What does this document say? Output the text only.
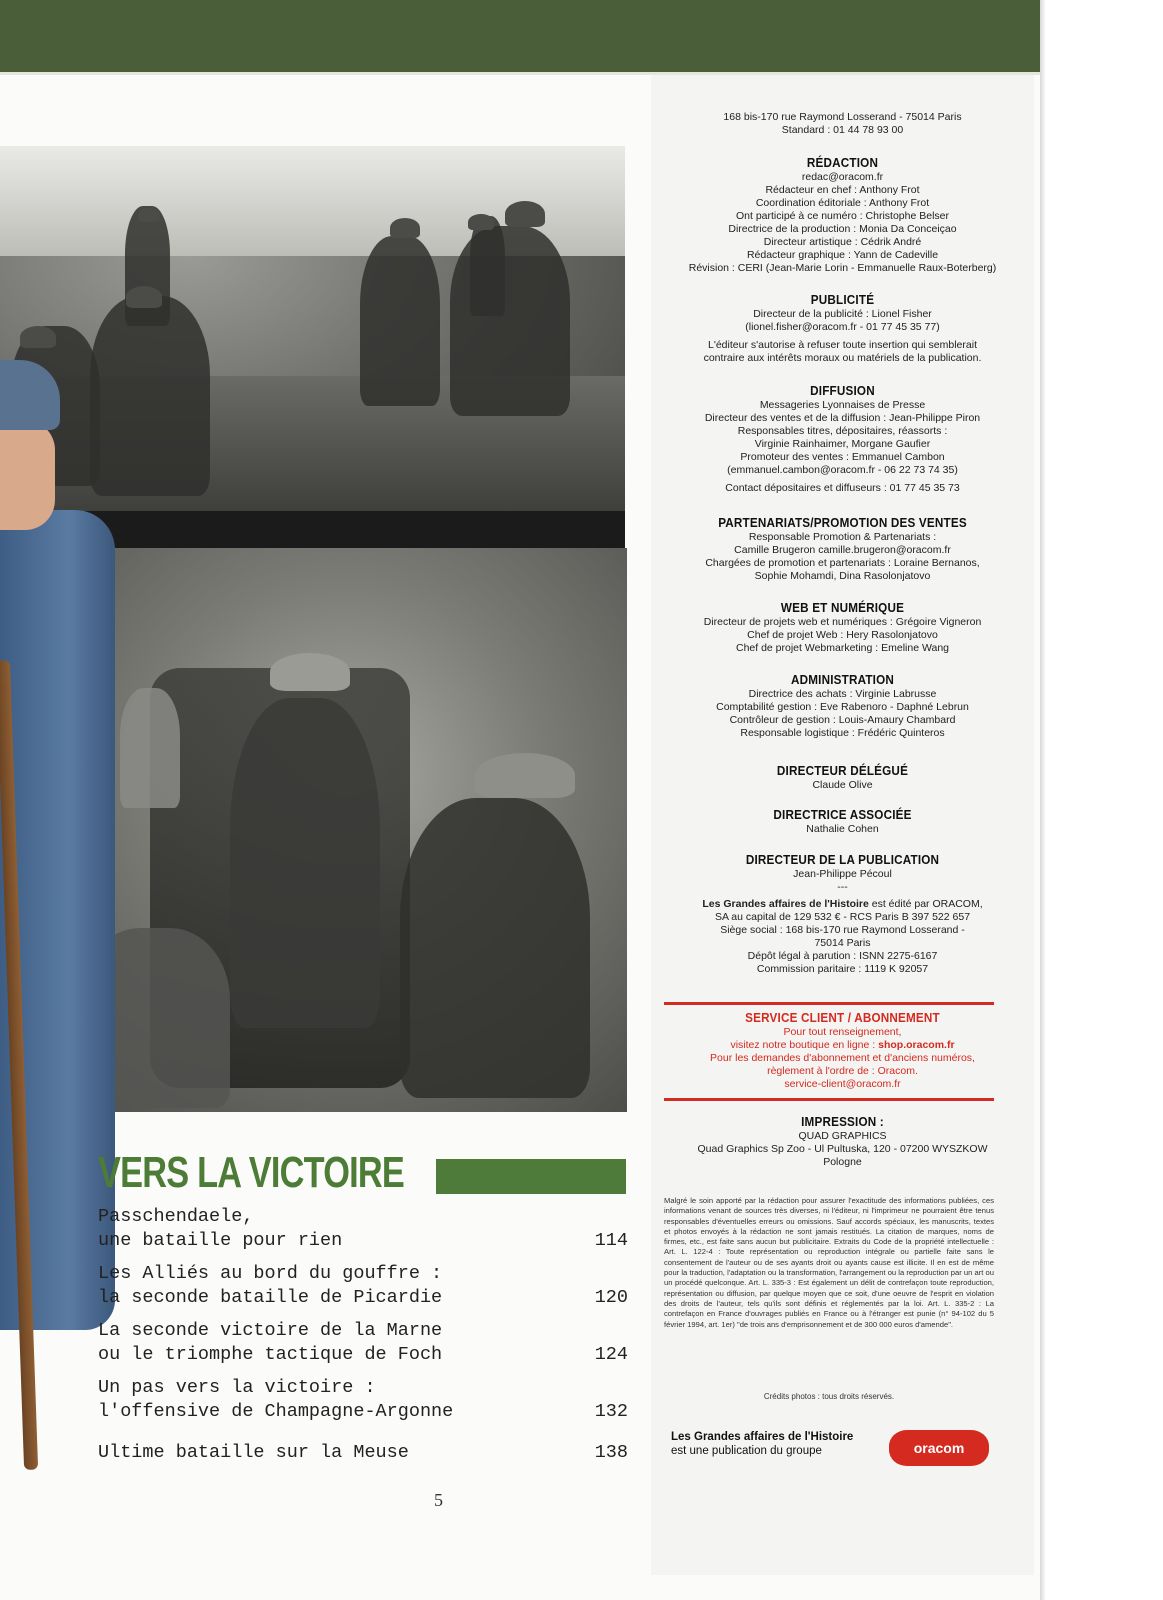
168 bis-170 rue Raymond Losserand - 75014 Paris
Standard : 01 44 78 93 00
RÉDACTION
redac@oracom.fr
Rédacteur en chef : Anthony Frot
Coordination éditoriale : Anthony Frot
Ont participé à ce numéro : Christophe Belser
Directrice de la production : Monia Da Conceiçao
Directeur artistique : Cédrik André
Rédacteur graphique : Yann de Cadeville
Révision : CERI (Jean-Marie Lorin - Emmanuelle Raux-Boterberg)
PUBLICITÉ
Directeur de la publicité : Lionel Fisher
(lionel.fisher@oracom.fr - 01 77 45 35 77)
L'éditeur s'autorise à refuser toute insertion qui semblerait
contraire aux intérêts moraux ou matériels de la publication.
DIFFUSION
Messageries Lyonnaises de Presse
Directeur des ventes et de la diffusion : Jean-Philippe Piron
Responsables titres, dépositaires, réassorts :
Virginie Rainhaimer, Morgane Gaufier
Promoteur des ventes : Emmanuel Cambon
(emmanuel.cambon@oracom.fr - 06 22 73 74 35)
Contact dépositaires et diffuseurs : 01 77 45 35 73
PARTENARIATS/PROMOTION DES VENTES
Responsable Promotion & Partenariats :
Camille Brugeron camille.brugeron@oracom.fr
Chargées de promotion et partenariats : Loraine Bernanos,
Sophie Mohamdi, Dina Rasolonjatovo
WEB ET NUMÉRIQUE
Directeur de projets web et numériques : Grégoire Vigneron
Chef de projet Web : Hery Rasolonjatovo
Chef de projet Webmarketing : Emeline Wang
ADMINISTRATION
Directrice des achats : Virginie Labrusse
Comptabilité gestion : Eve Rabenoro - Daphné Lebrun
Contrôleur de gestion : Louis-Amaury Chambard
Responsable logistique : Frédéric Quinteros
DIRECTEUR DÉLÉGUÉ
Claude Olive
DIRECTRICE ASSOCIÉE
Nathalie Cohen
DIRECTEUR DE LA PUBLICATION
Jean-Philippe Pécoul
---
Les Grandes affaires de l'Histoire est édité par ORACOM,
SA au capital de 129 532 € - RCS Paris B 397 522 657
Siège social : 168 bis-170 rue Raymond Losserand -
75014 Paris
Dépôt légal à parution : ISNN 2275-6167
Commission paritaire : 1119 K 92057
SERVICE CLIENT / ABONNEMENT
Pour tout renseignement,
visitez notre boutique en ligne : shop.oracom.fr
Pour les demandes d'abonnement et d'anciens numéros,
règlement à l'ordre de : Oracom.
service-client@oracom.fr
IMPRESSION :
QUAD GRAPHICS
Quad Graphics Sp Zoo - Ul Pultuska, 120 - 07200 WYSZKOW
Pologne
Malgré le soin apporté par la rédaction pour assurer l'exactitude des informations publiées, ces informations venant de sources très diverses, ni l'éditeur, ni l'imprimeur ne pourraient être tenus responsables d'éventuelles erreurs ou omissions. Sauf accords spéciaux, les manuscrits, textes et photos envoyés à la rédaction ne sont jamais restitués. La citation de marques, noms de firmes, etc., est faite sans aucun but publicitaire. Extraits du Code de la propriété intellectuelle : Art. L. 122-4 : Toute représentation ou reproduction intégrale ou partielle faite sans le consentement de l'auteur ou de ses ayants droit ou ayants cause est illicite. Il en est de même pour la traduction, l'adaptation ou la transformation, l'arrangement ou la reproduction par un art ou un procédé quelconque. Art. L. 335-3 : Est également un délit de contrefaçon toute reproduction, représentation ou diffusion, par quelque moyen que ce soit, d'une oeuvre de l'esprit en violation des droits de l'auteur, tels qu'ils sont définis et réglementés par la loi. Art. L. 335-2 : La contrefaçon en France d'ouvrages publiés en France ou à l'étranger est punie (n° 94-102 du 5 février 1994, art. 1er) "de trois ans d'emprisonnement et de 300 000 euros d'amende".
Crédits photos : tous droits réservés.
Les Grandes affaires de l'Histoire
est une publication du groupe	oracom
VERS LA VICTOIRE
Passchendaele,
une bataille pour rien	114
Les Alliés au bord du gouffre :
la seconde bataille de Picardie	120
La seconde victoire de la Marne
ou le triomphe tactique de Foch	124
Un pas vers la victoire :
l'offensive de Champagne-Argonne	132
Ultime bataille sur la Meuse	138
5
